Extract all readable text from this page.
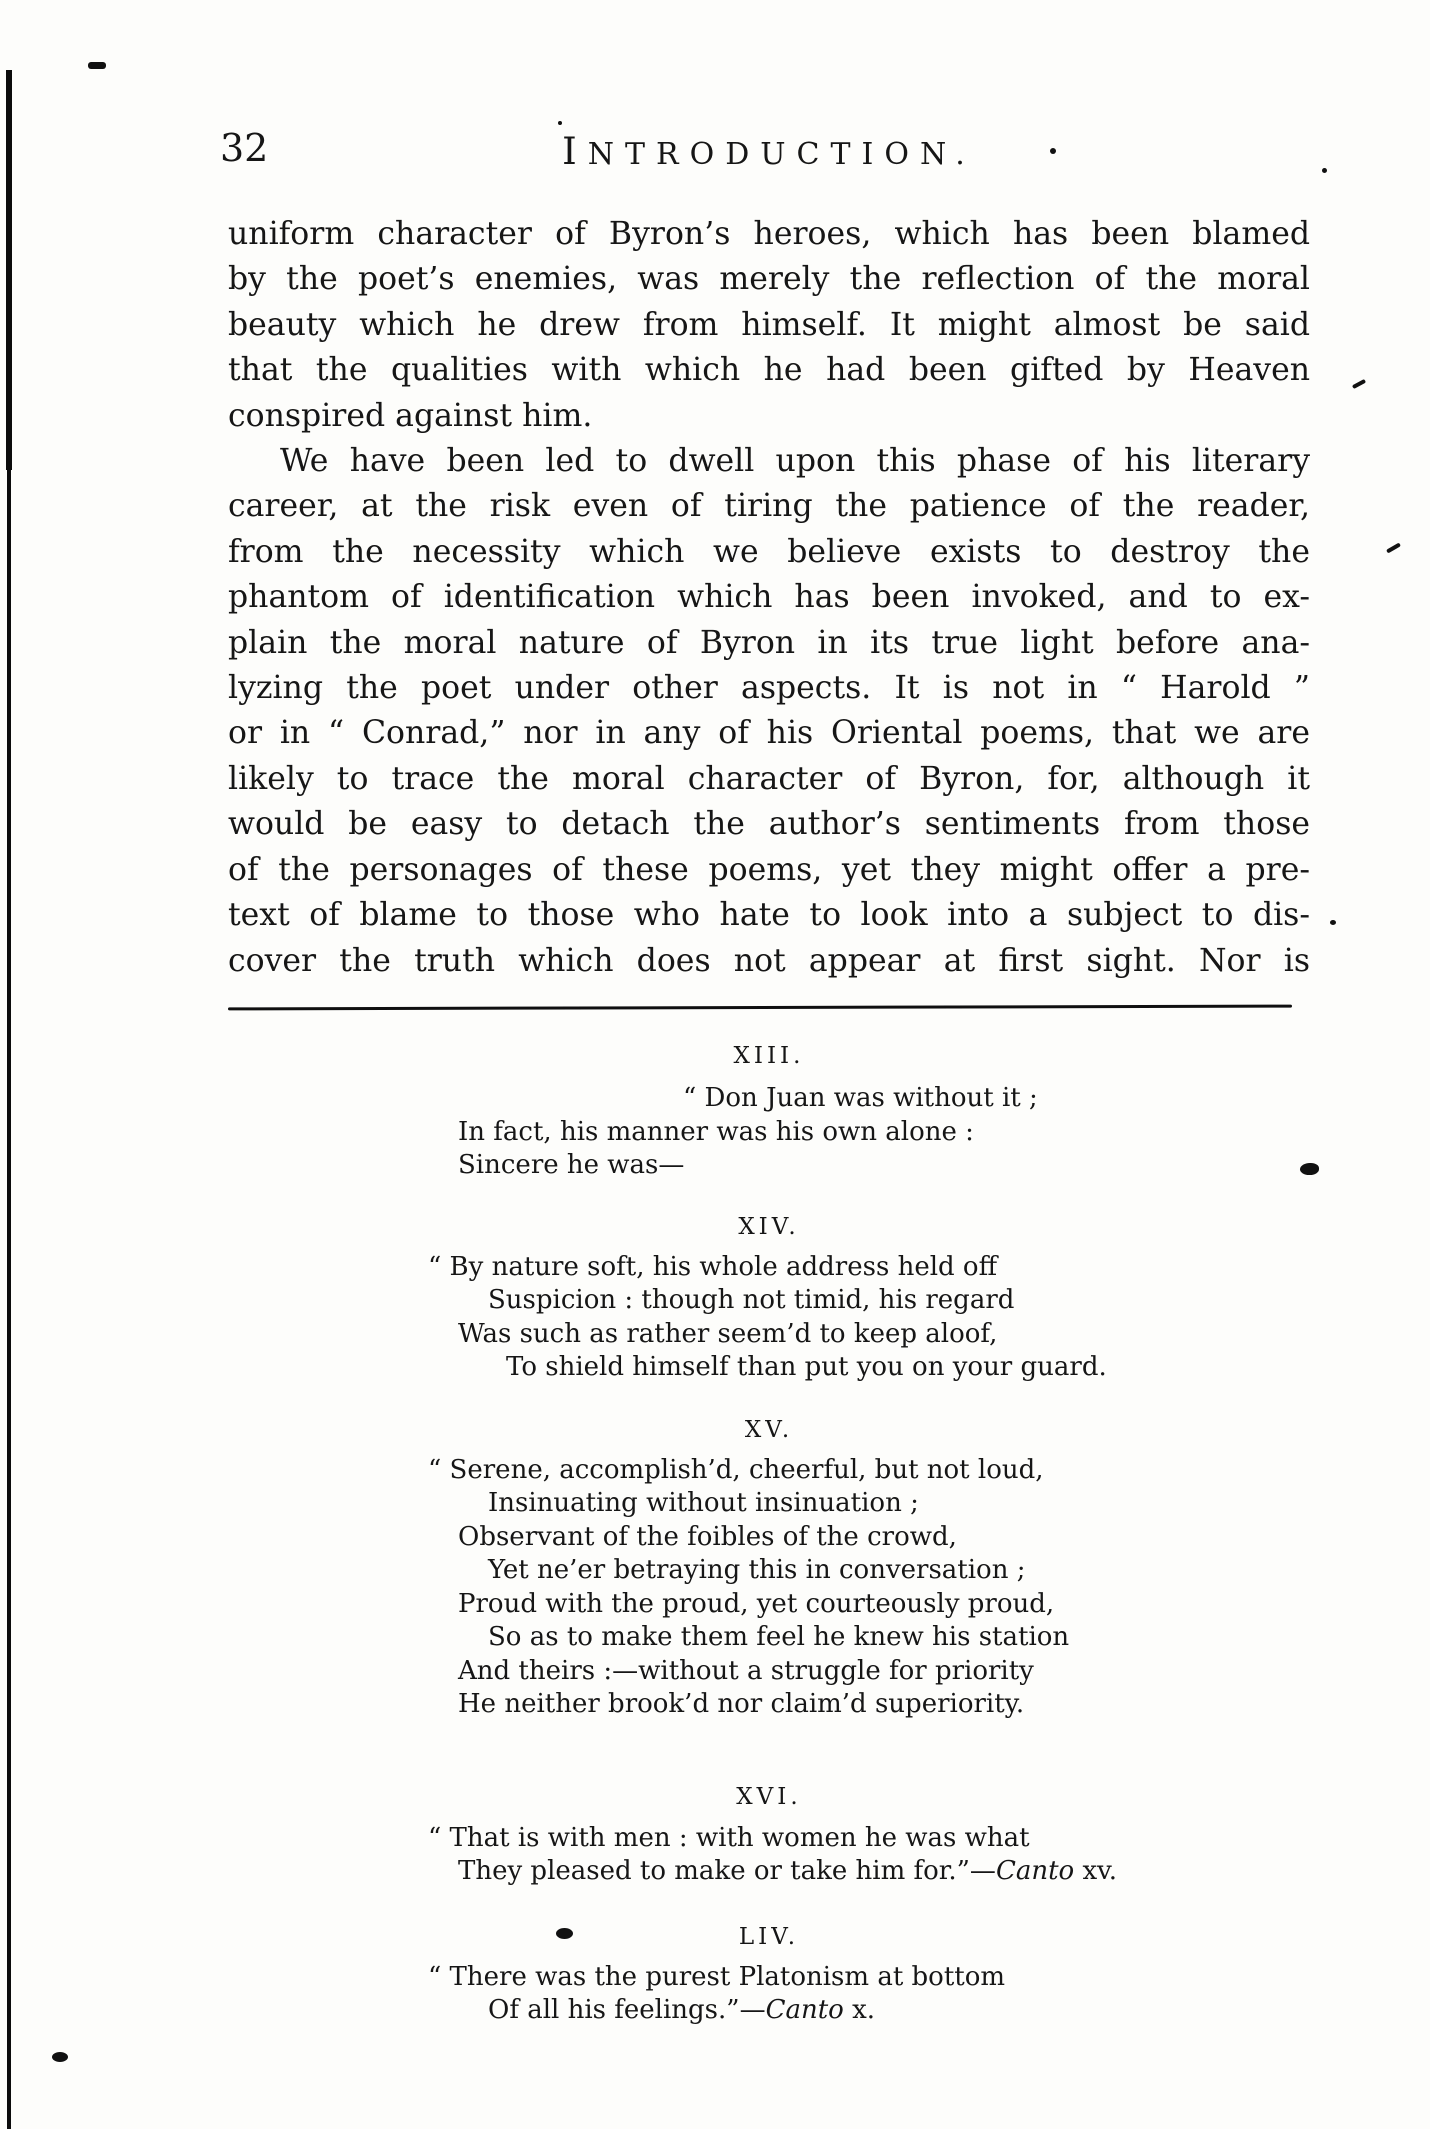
32	INTRODUCTION.
uniform character of Byron’s heroes, which has been blamed
by the poet’s enemies, was merely the reflection of the moral
beauty which he drew from himself. It might almost be said
that the qualities with which he had been gifted by Heaven
conspired against him.
We have been led to dwell upon this phase of his literary
career, at the risk even of tiring the patience of the reader,
from the necessity which we believe exists to destroy the
phantom of identification which has been invoked, and to ex-
plain the moral nature of Byron in its true light before ana-
lyzing the poet under other aspects. It is not in “ Harold ”
or in “ Conrad,” nor in any of his Oriental poems, that we are
likely to trace the moral character of Byron, for, although it
would be easy to detach the author’s sentiments from those
of the personages of these poems, yet they might offer a pre-
text of blame to those who hate to look into a subject to dis-
cover the truth which does not appear at first sight. Nor is
XIII.
“ Don Juan was without it ;
In fact, his manner was his own alone :
Sincere he was—
XIV.
“ By nature soft, his whole address held off
Suspicion : though not timid, his regard
Was such as rather seem’d to keep aloof,
To shield himself than put you on your guard.
XV.
“ Serene, accomplish’d, cheerful, but not loud,
Insinuating without insinuation ;
Observant of the foibles of the crowd,
Yet ne’er betraying this in conversation ;
Proud with the proud, yet courteously proud,
So as to make them feel he knew his station
And theirs :—without a struggle for priority
He neither brook’d nor claim’d superiority.
XVI.
“ That is with men : with women he was what
They pleased to make or take him for.”—Canto xv.
LIV.
“ There was the purest Platonism at bottom
Of all his feelings.”—Canto x.
